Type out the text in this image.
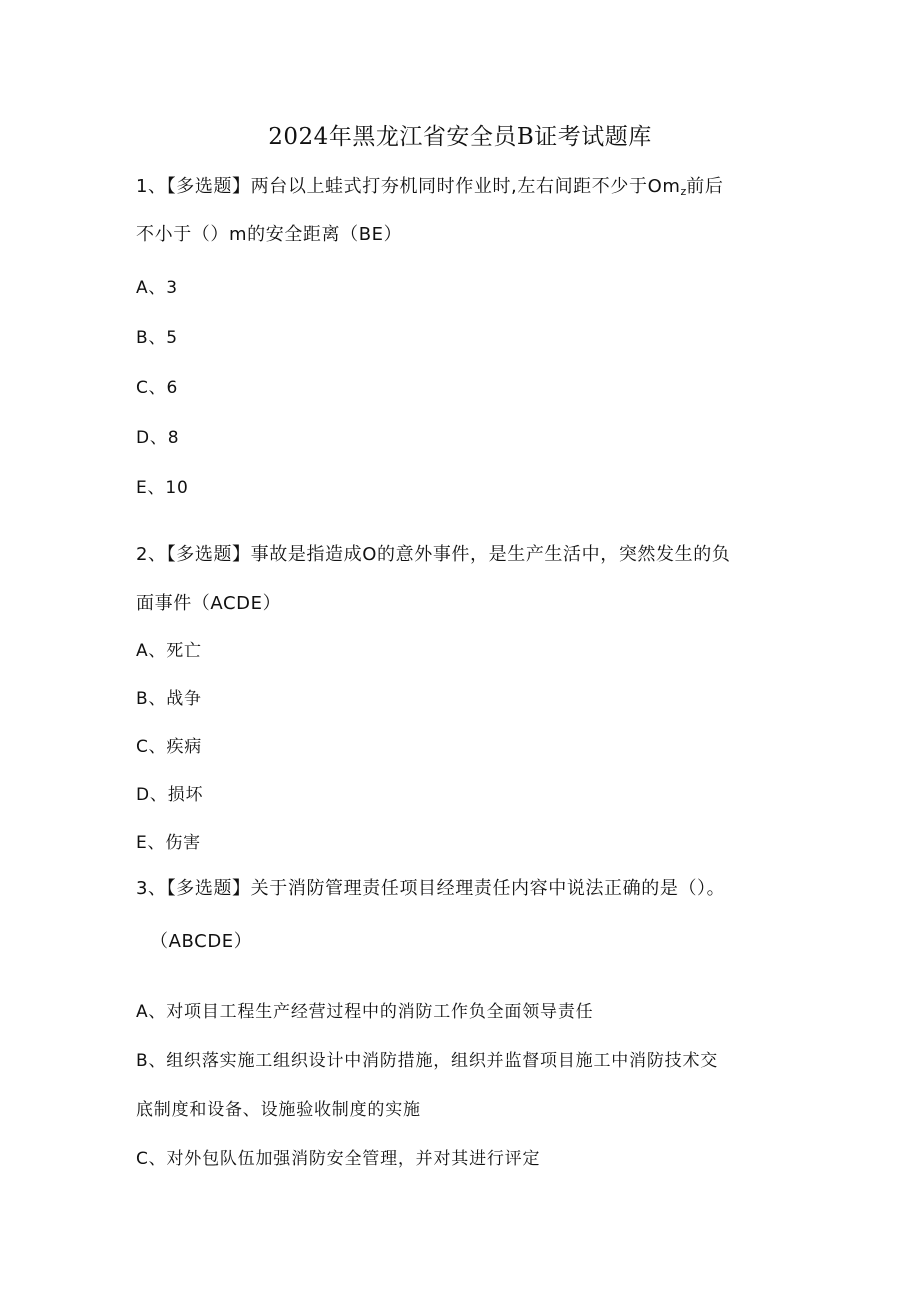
2024年黑龙江省安全员B证考试题库
1、【多选题】两台以上蛙式打夯机同时作业时,左右间距不少于$Om_z$前后
不小于（）m的安全距离（BE）
A、3
B、5
C、6
D、8
E、10
2、【多选题】事故是指造成O的意外事件，是生产生活中，突然发生的负
面事件（ACDE）
A、死亡
B、战争
C、疾病
D、损坏
E、伤害
3、【多选题】关于消防管理责任项目经理责任内容中说法正确的是（）。
（ABCDE）
A、对项目工程生产经营过程中的消防工作负全面领导责任
B、组织落实施工组织设计中消防措施，组织并监督项目施工中消防技术交
底制度和设备、设施验收制度的实施
C、对外包队伍加强消防安全管理，并对其进行评定
